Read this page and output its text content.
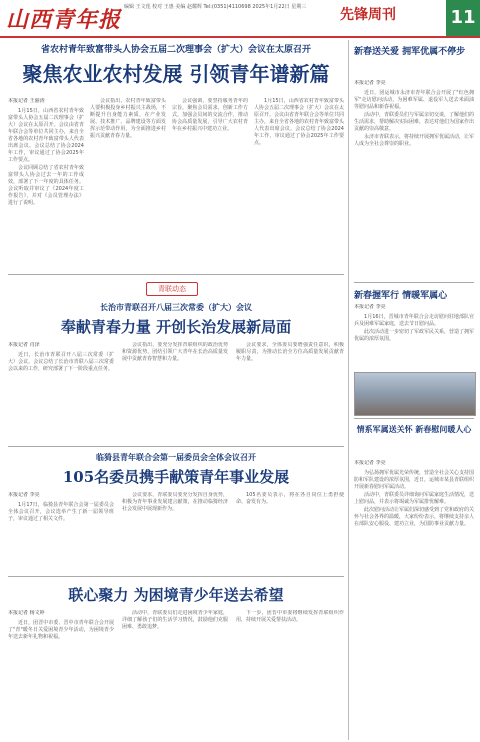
山西青年报 编辑 王文莲 校对 王惠 美编 赵耀辉 Tel:(0351)4110698 2025年1月22日 星期三	先锋周刊	11
省农村青年致富带头人协会五届二次理事会（扩大）会议在太原召开
聚焦农业农村发展 引领青年谱新篇
本报记者 王丽涛

1月15日，山西省农村青年致富带头人协会五届二次理事会（扩大）会议在太原召开。会议由省青年联合会等单位共同主办，来自全省各地的农村青年致富带头人代表出席会议。会议总结了协会2024年工作，审议通过了协会2025年工作要点。

会议回顾总结了省农村青年致富带头人协会过去一年的工作成效，部署了下一年度的具体任务。会议听取并审议了《2024年度工作报告》，并对《会员管理办法》进行了说明。

会议指出，农村青年致富带头人要积极投身乡村振兴主战场，不断提升自身能力素质，在产业发展、技术推广、品牌建设等方面发挥示范带动作用，为全面推进乡村振兴贡献青春力量。

会议强调，要坚持服务青年的宗旨，聚焦会员需求，创新工作方式，加强会员间的交流合作，推动协会高质量发展，引导广大农村青年在乡村振兴中建功立业。

1月15日，山西省农村青年致富带头人协会五届二次理事会（扩大）会议在太原召开。会议由省青年联合会等单位共同主办，来自全省各地的农村青年致富带头人代表出席会议。会议总结了协会2024年工作，审议通过了协会2025年工作要点。

青联动态
长治市青联召开八届三次常委（扩大）会议
奉献青春力量 开创长治发展新局面
本报记者 肖泽

近日，长治市青联召开八届三次常委（扩大）会议。会议总结了长治市青联八届三次常委会以来的工作，研究部署了下一阶段重点任务。

会议指出，要充分发挥青联组织的政治优势和资源优势，团结引领广大青年在长治高质量发展中贡献青春智慧和力量。

会议要求，全体委员要增强责任意识，积极履职尽责，为推动长治全方位高质量发展贡献青年力量。

临猗县青年联合会第一届委员会全体会议召开
105名委员携手献策青年事业发展
本报记者 李亮

1月17日，临猗县青年联合会第一届委员会全体会议召开，会议选举产生了新一届领导班子，审议通过了相关文件。

会议要求，青联委员要充分发挥自身优势，积极为青年事业发展建言献策，在推动临猗经济社会发展中展现新作为。

105名委员表示，将在各自岗位上勇担使命、奋发有为。

联心聚力 为困境青少年送去希望
本报记者 杨文婷

近日，团晋中市委、晋中市青年联合会开展了"青"暖冬日关爱困境青少年活动，为困境青少年送去新年礼物和祝福。

活动中，青联委员们走进困境青少年家庭，详细了解孩子们的生活学习情况，鼓励他们克服困难、勇敢追梦。

下一步，团晋中市委将继续发挥青联组织作用，持续开展关爱帮扶活动。

新春送关爱 拥军优属不停步
本报记者 李亮

近日，团运城市永济市青年联合会开展了"红色拥军"走访慰问活动，为困难军属、退役军人送去米面油等慰问品和新春祝福。

活动中，青联委员们与军属亲切交谈，了解他们的生活需求，帮助解决实际困难，表达对他们为国家作出贡献的崇高敬意。

永济市青联表示，将持续开展拥军优属活动，让军人成为全社会尊崇的职业。

新春握军行 情暖军属心
本报记者 李亮

1月16日，晋城市青年联合会走访慰问驻地部队官兵及困难军属家庭，送去节日慰问品。

此次活动进一步密切了军政军民关系，营造了拥军优属的浓厚氛围。

情系军属送关怀 新春慰问暖人心
本报记者 李亮

为弘扬拥军优属光荣传统，营造全社会关心支持国防和军队建设的浓厚氛围，近日，运城市某县青联组织开展新春慰问军属活动。

活动中，青联委员详细询问军属家庭生活情况，送上慰问品，并表示将竭诚为军属排忧解难。

此次慰问活动让军属们深切感受到了党和政府的关怀与社会各界的温暖，大家纷纷表示，将继续支持亲人在部队安心服役、建功立业，为国防事业贡献力量。
